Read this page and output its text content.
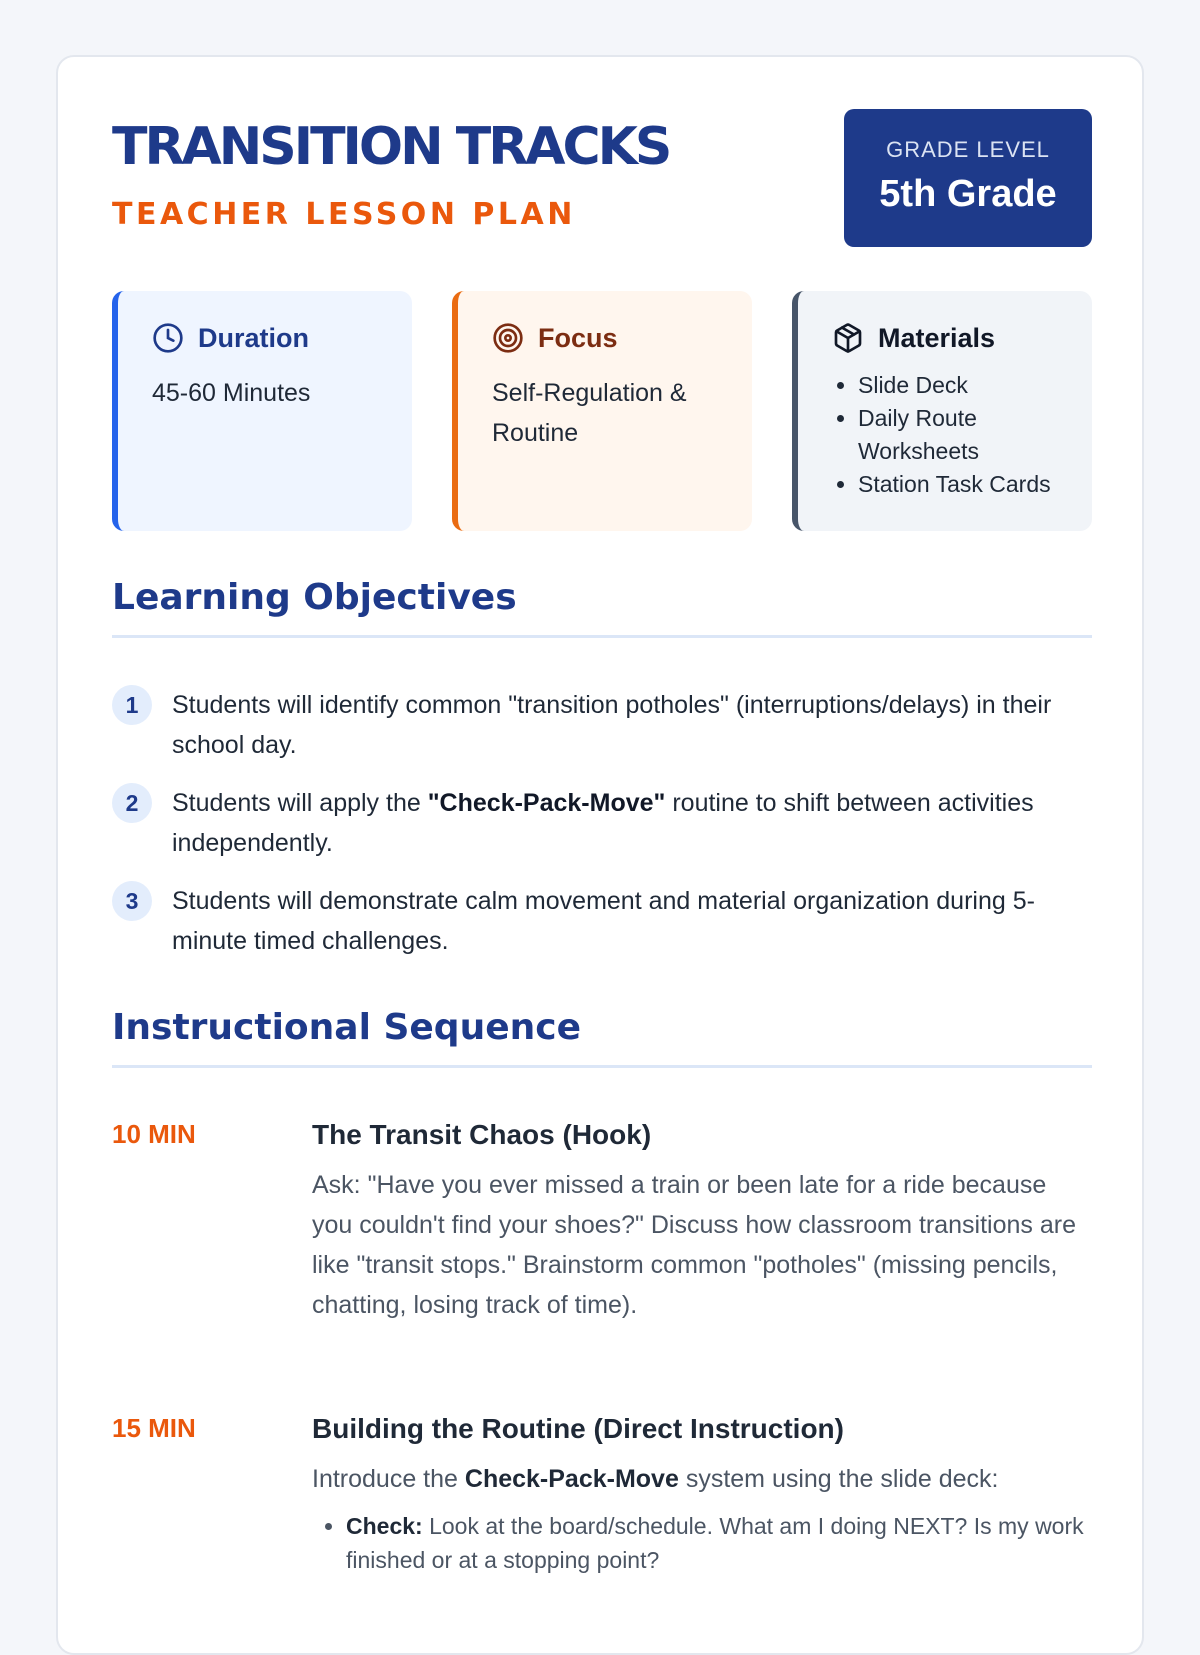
TRANSITION TRACKS
TEACHER LESSON PLAN
GRADE LEVEL
5th Grade
Duration
45-60 Minutes
Focus
Self-Regulation & Routine
Materials
• Slide Deck
• Daily Route Worksheets
• Station Task Cards
Learning Objectives
1	Students will identify common "transition potholes" (interruptions/delays) in their school day.
2	Students will apply the "Check-Pack-Move" routine to shift between activities independently.
3	Students will demonstrate calm movement and material organization during 5-minute timed challenges.
Instructional Sequence
10 MIN	The Transit Chaos (Hook)
Ask: "Have you ever missed a train or been late for a ride because you couldn't find your shoes?" Discuss how classroom transitions are like "transit stops." Brainstorm common "potholes" (missing pencils, chatting, losing track of time).
15 MIN	Building the Routine (Direct Instruction)
Introduce the Check-Pack-Move system using the slide deck:
• Check: Look at the board/schedule. What am I doing NEXT? Is my work finished or at a stopping point?
